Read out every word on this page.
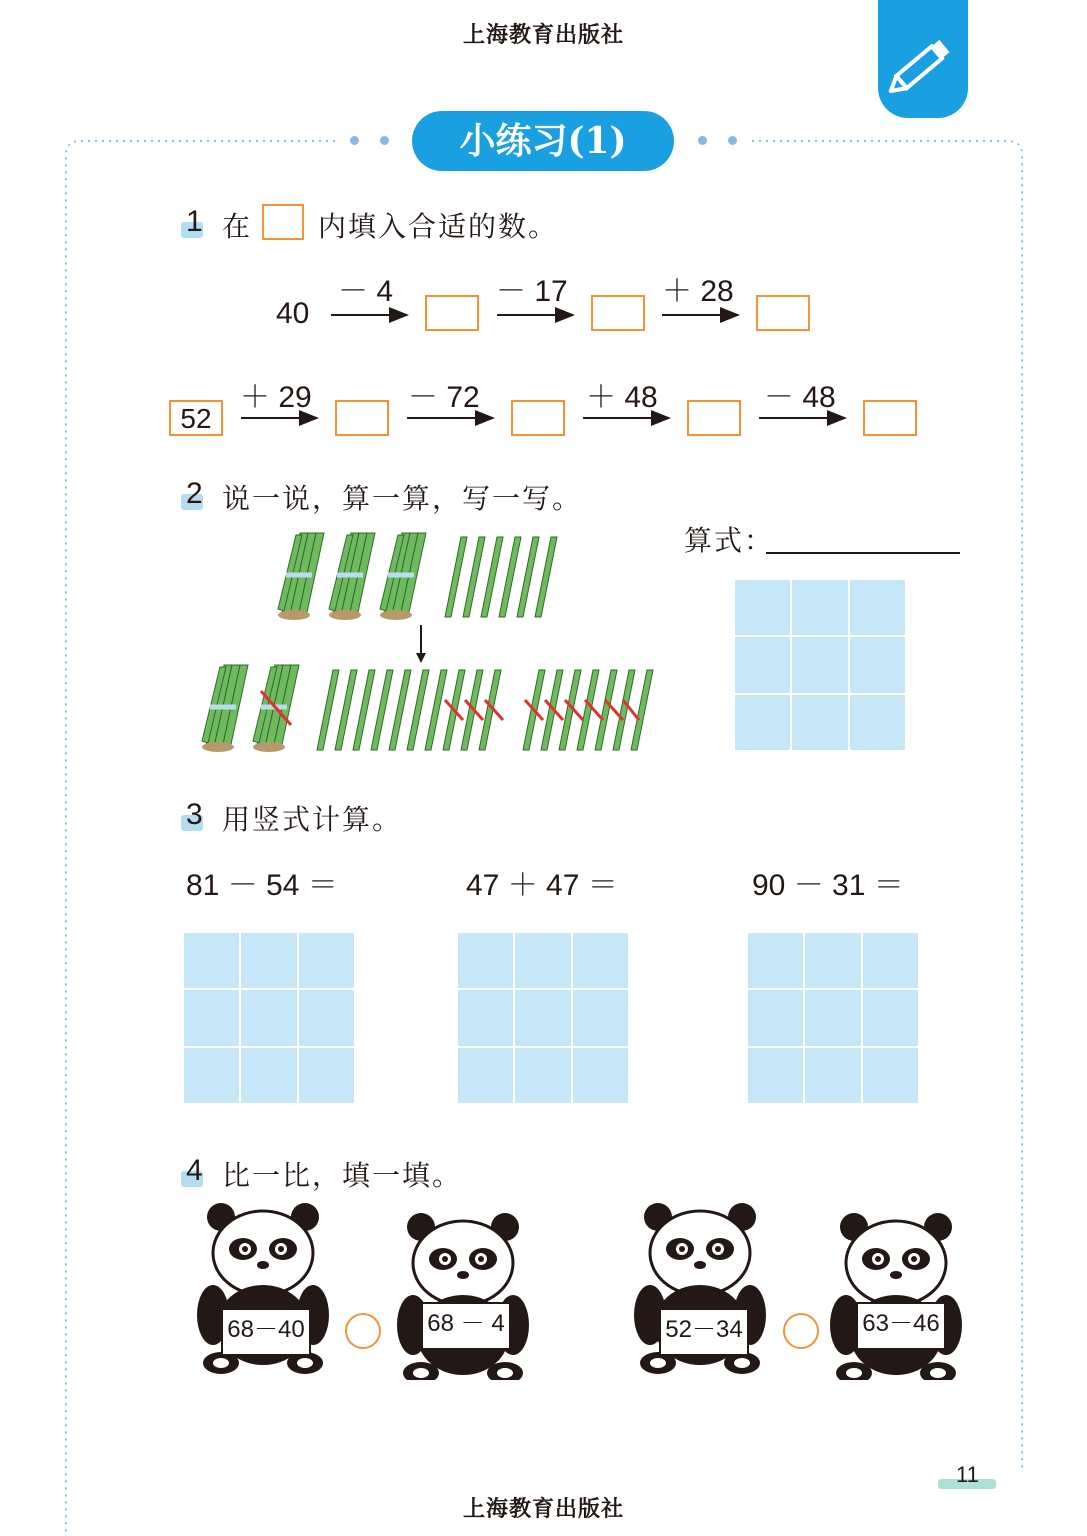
上海教育出版社
小练习(1)
1 在 内填入合适的数。
40
－ 4	－ 17	＋ 28
52
＋ 29	－ 72	＋ 48	－ 48
2 说一说，算一算，写一写。
算式：
3 用竖式计算。
81 － 54 ＝	47 ＋ 47 ＝	90 － 31 ＝
4 比一比，填一填。
68－40	68 － 4	52－34	63－46
11
上海教育出版社
